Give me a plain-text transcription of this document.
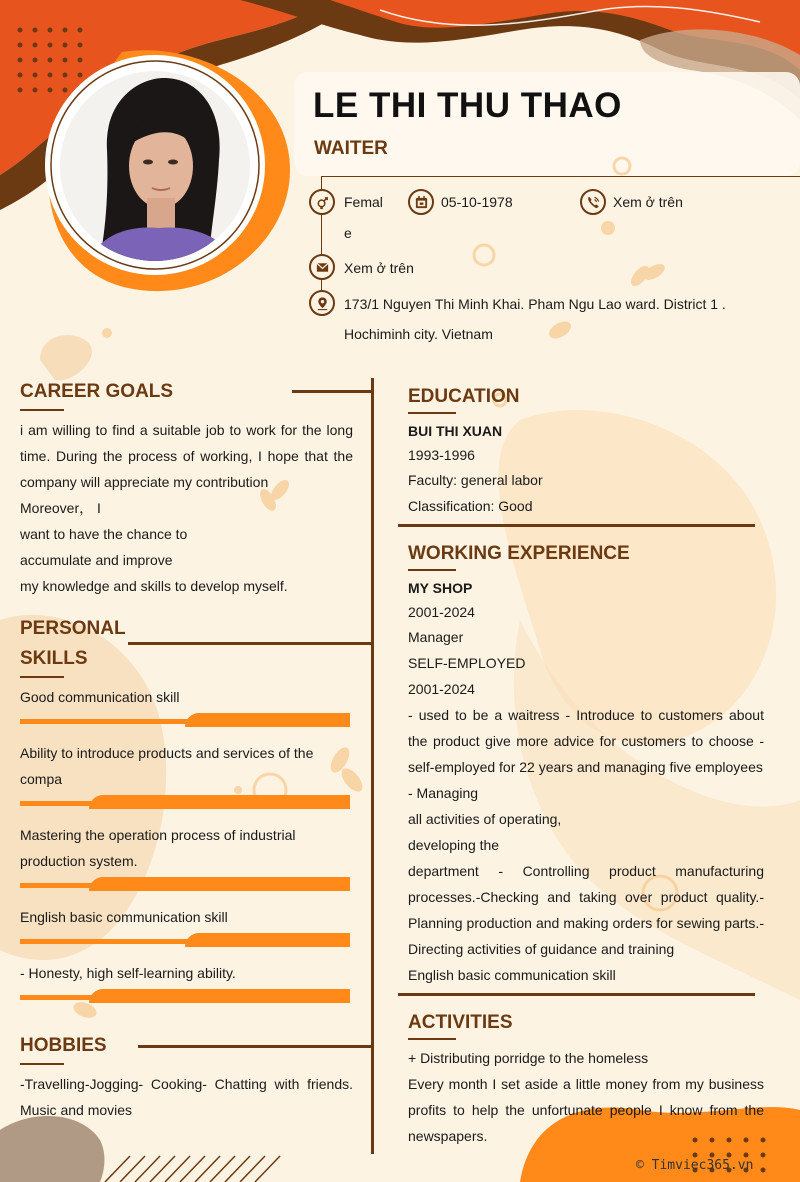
LE THI THU THAO
WAITER
Femal
e
05-10-1978	Xem ở trên
Xem ở trên
173/1 Nguyen Thi Minh Khai. Pham Ngu Lao ward. District 1 .
Hochiminh city. Vietnam
CAREER GOALS
i am willing to find a suitable job to work for the long time. During the process of working, I hope that the company will appreciate my contribution
Moreover， I
want to have the chance to
accumulate and improve
my knowledge and skills to develop myself.
PERSONAL
SKILLS
Good communication skill
Ability to introduce products and services of the compa
Mastering the operation process of industrial production system.
English basic communication skill
- Honesty, high self-learning ability.
HOBBIES
-Travelling-Jogging- Cooking- Chatting with friends. Music and movies
EDUCATION
BUI THI XUAN
1993-1996
Faculty: general labor
Classification: Good
WORKING EXPERIENCE
MY SHOP
2001-2024
Manager
SELF-EMPLOYED
2001-2024
- used to be a waitress - Introduce to customers about the product give more advice for customers to choose - self-employed for 22 years and managing five employees
- Managing
all activities of operating,
developing the
department - Controlling product manufacturing processes.-Checking and taking over product quality.- Planning production and making orders for sewing parts.- Directing activities of guidance and training
English basic communication skill
ACTIVITIES
+ Distributing porridge to the homeless
Every month I set aside a little money from my business profits to help the unfortunate people I know from the newspapers.
© Timviec365.vn
